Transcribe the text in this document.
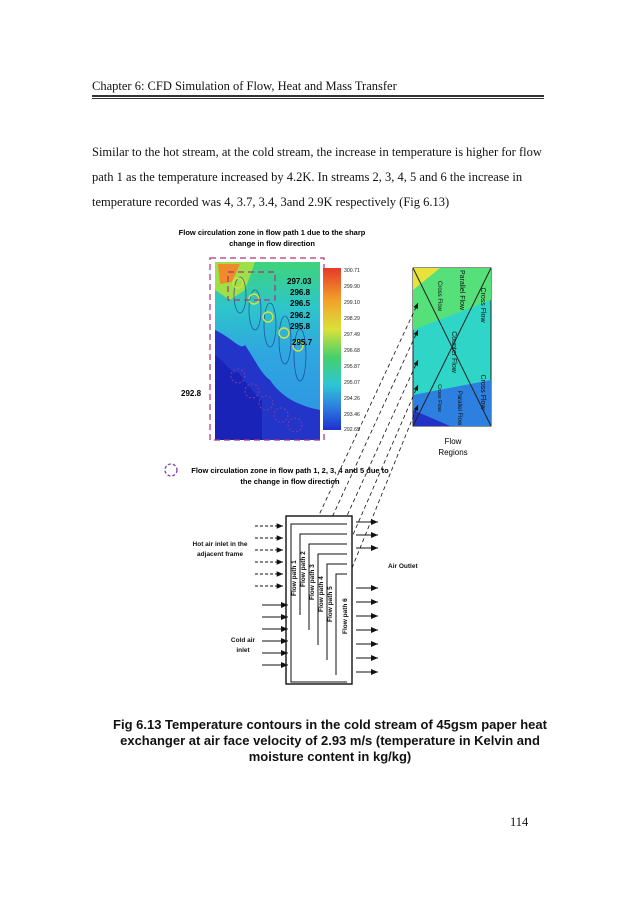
Chapter 6: CFD Simulation of Flow, Heat and Mass Transfer
Similar to the hot stream, at the cold stream, the increase in temperature is higher for flow
path 1 as the temperature increased by 4.2K. In streams 2, 3, 4, 5 and 6 the increase in
temperature recorded was 4, 3.7, 3.4, 3and 2.9K respectively (Fig 6.13)
Flow circulation zone in flow path 1 due to the sharp
change in flow direction
297.03
296.8
296.5
296.2
295.8
295.7
292.8
300.71
299.90
299.10
298.29
297.49
296.68
295.87
295.07
294.26
293.46
292.65
Flow circulation zone in flow path 1, 2, 3, 4 and 5 due to
the change in flow direction
Cross Flow
Parallel Flow
Cross Flow
Counter Flow
Cross Flow
Cross Flow Parallel Flow
Flow
Regions
Hot air inlet in the
adjacent frame
Cold air
inlet
Air Outlet
Flow path 1 Flow path 2 Flow path 3 Flow path 4 Flow path 5 Flow path 6
Fig 6.13 Temperature contours in the cold stream of 45gsm paper heat
exchanger at air face velocity of 2.93 m/s (temperature in Kelvin and
moisture content in kg/kg)
114
